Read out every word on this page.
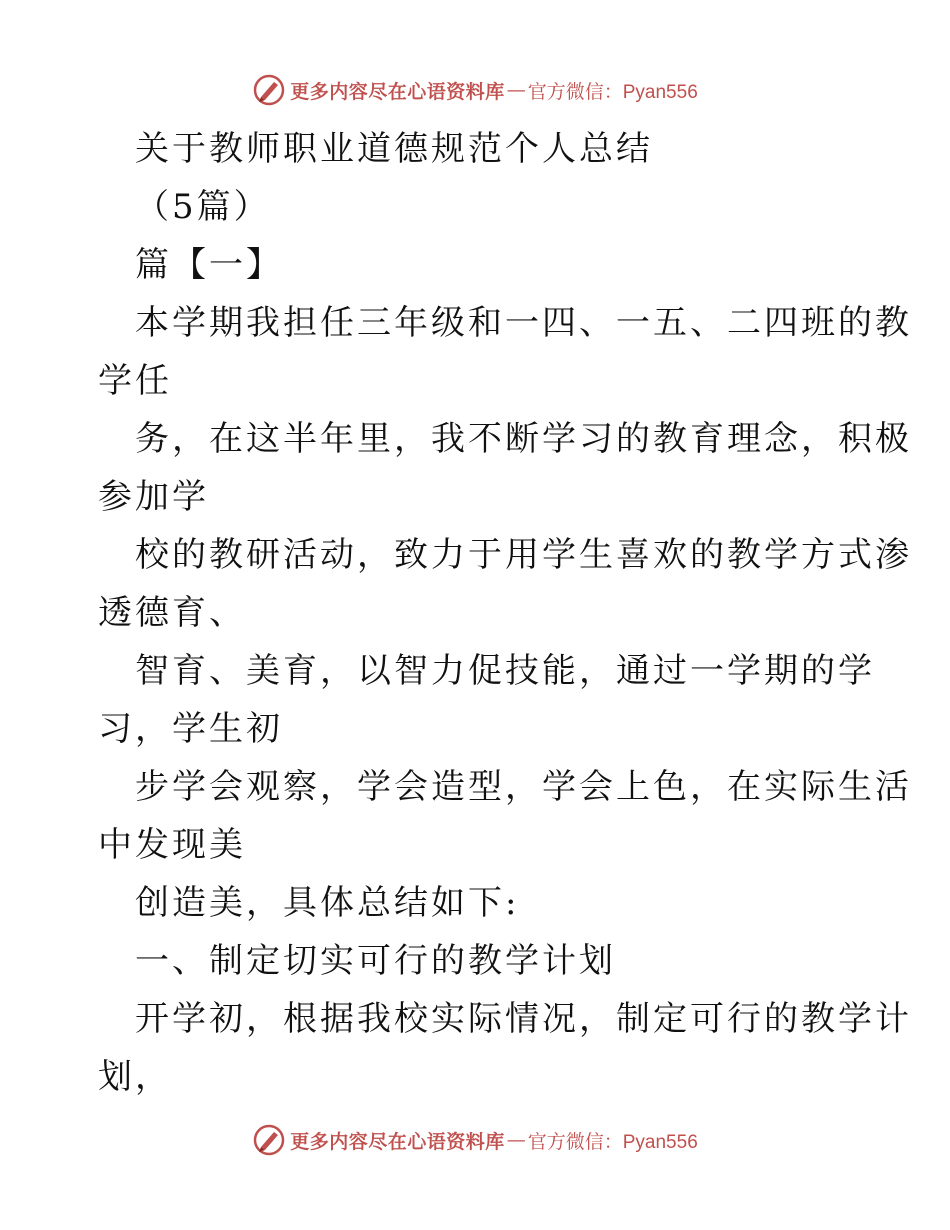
更多内容尽在心语资料库 — 官方微信：Pyan556
关于教师职业道德规范个人总结
（5篇）
篇【一】
本学期我担任三年级和一四、一五、二四班的教
学任
务，在这半年里，我不断学习的教育理念，积极
参加学
校的教研活动，致力于用学生喜欢的教学方式渗
透德育、
智育、美育，以智力促技能，通过一学期的学
习，学生初
步学会观察，学会造型，学会上色，在实际生活
中发现美
创造美，具体总结如下:
一、制定切实可行的教学计划
开学初，根据我校实际情况，制定可行的教学计
划，
更多内容尽在心语资料库 — 官方微信：Pyan556
